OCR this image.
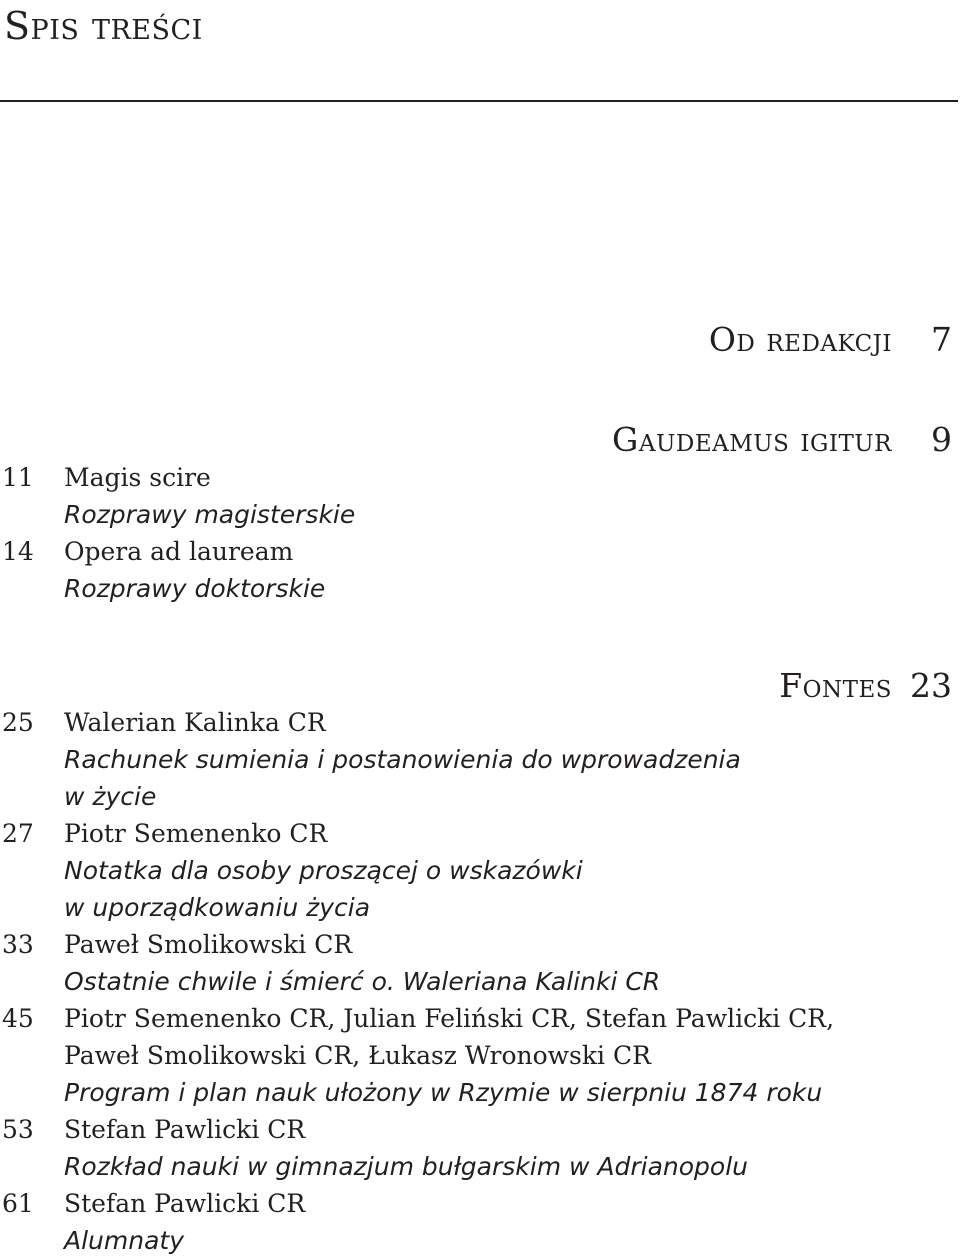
Spis treści
Od redakcji	7
Gaudeamus igitur	9
11 Magis scire
Rozprawy magisterskie
14 Opera ad lauream
Rozprawy doktorskie
Fontes 23
25 Walerian Kalinka CR
Rachunek sumienia i postanowienia do wprowadzenia
w życie
27 Piotr Semenenko CR
Notatka dla osoby proszącej o wskazówki
w uporządkowaniu życia
33 Paweł Smolikowski CR
Ostatnie chwile i śmierć o. Waleriana Kalinki CR
45 Piotr Semenenko CR, Julian Feliński CR, Stefan Pawlicki CR,
Paweł Smolikowski CR, Łukasz Wronowski CR
Program i plan nauk ułożony w Rzymie w sierpniu 1874 roku
53 Stefan Pawlicki CR
Rozkład nauki w gimnazjum bułgarskim w Adrianopolu
61 Stefan Pawlicki CR
Alumnaty
